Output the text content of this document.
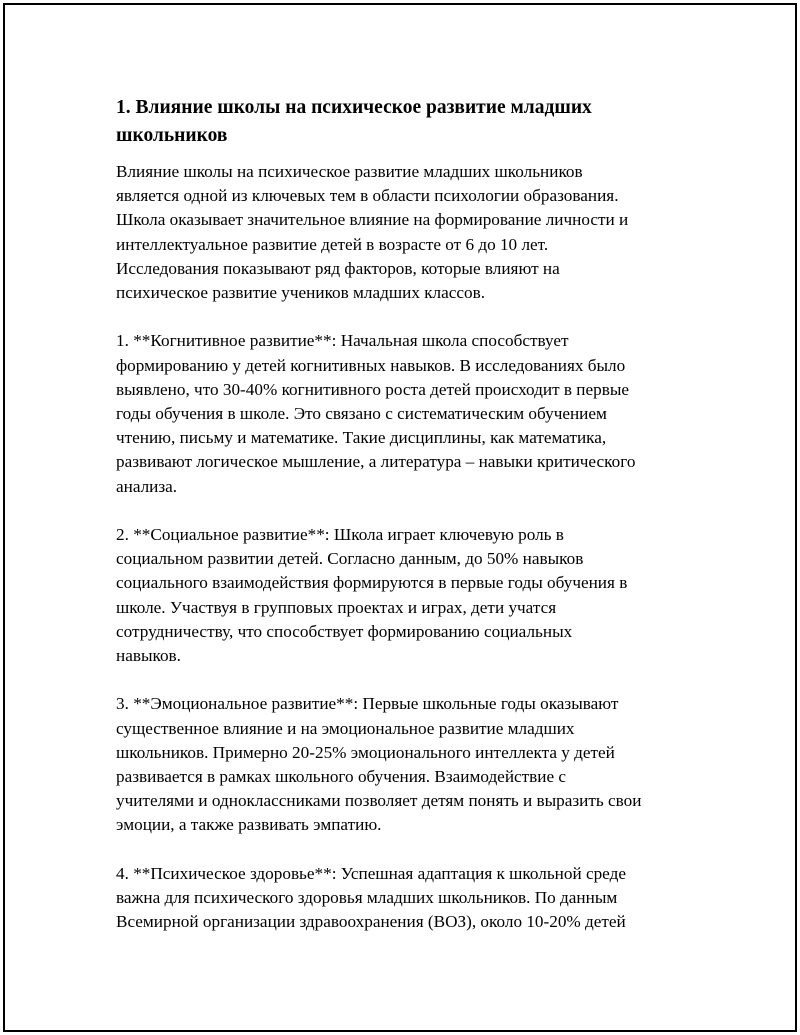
1. Влияние школы на психическое развитие младших
школьников

Влияние школы на психическое развитие младших школьников
является одной из ключевых тем в области психологии образования.
Школа оказывает значительное влияние на формирование личности и
интеллектуальное развитие детей в возрасте от 6 до 10 лет.
Исследования показывают ряд факторов, которые влияют на
психическое развитие учеников младших классов.

1. **Когнитивное развитие**: Начальная школа способствует
формированию у детей когнитивных навыков. В исследованиях было
выявлено, что 30-40% когнитивного роста детей происходит в первые
годы обучения в школе. Это связано с систематическим обучением
чтению, письму и математике. Такие дисциплины, как математика,
развивают логическое мышление, а литература – навыки критического
анализа.

2. **Социальное развитие**: Школа играет ключевую роль в
социальном развитии детей. Согласно данным, до 50% навыков
социального взаимодействия формируются в первые годы обучения в
школе. Участвуя в групповых проектах и играх, дети учатся
сотрудничеству, что способствует формированию социальных
навыков.

3. **Эмоциональное развитие**: Первые школьные годы оказывают
существенное влияние и на эмоциональное развитие младших
школьников. Примерно 20-25% эмоционального интеллекта у детей
развивается в рамках школьного обучения. Взаимодействие с
учителями и одноклассниками позволяет детям понять и выразить свои
эмоции, а также развивать эмпатию.

4. **Психическое здоровье**: Успешная адаптация к школьной среде
важна для психического здоровья младших школьников. По данным
Всемирной организации здравоохранения (ВОЗ), около 10-20% детей
